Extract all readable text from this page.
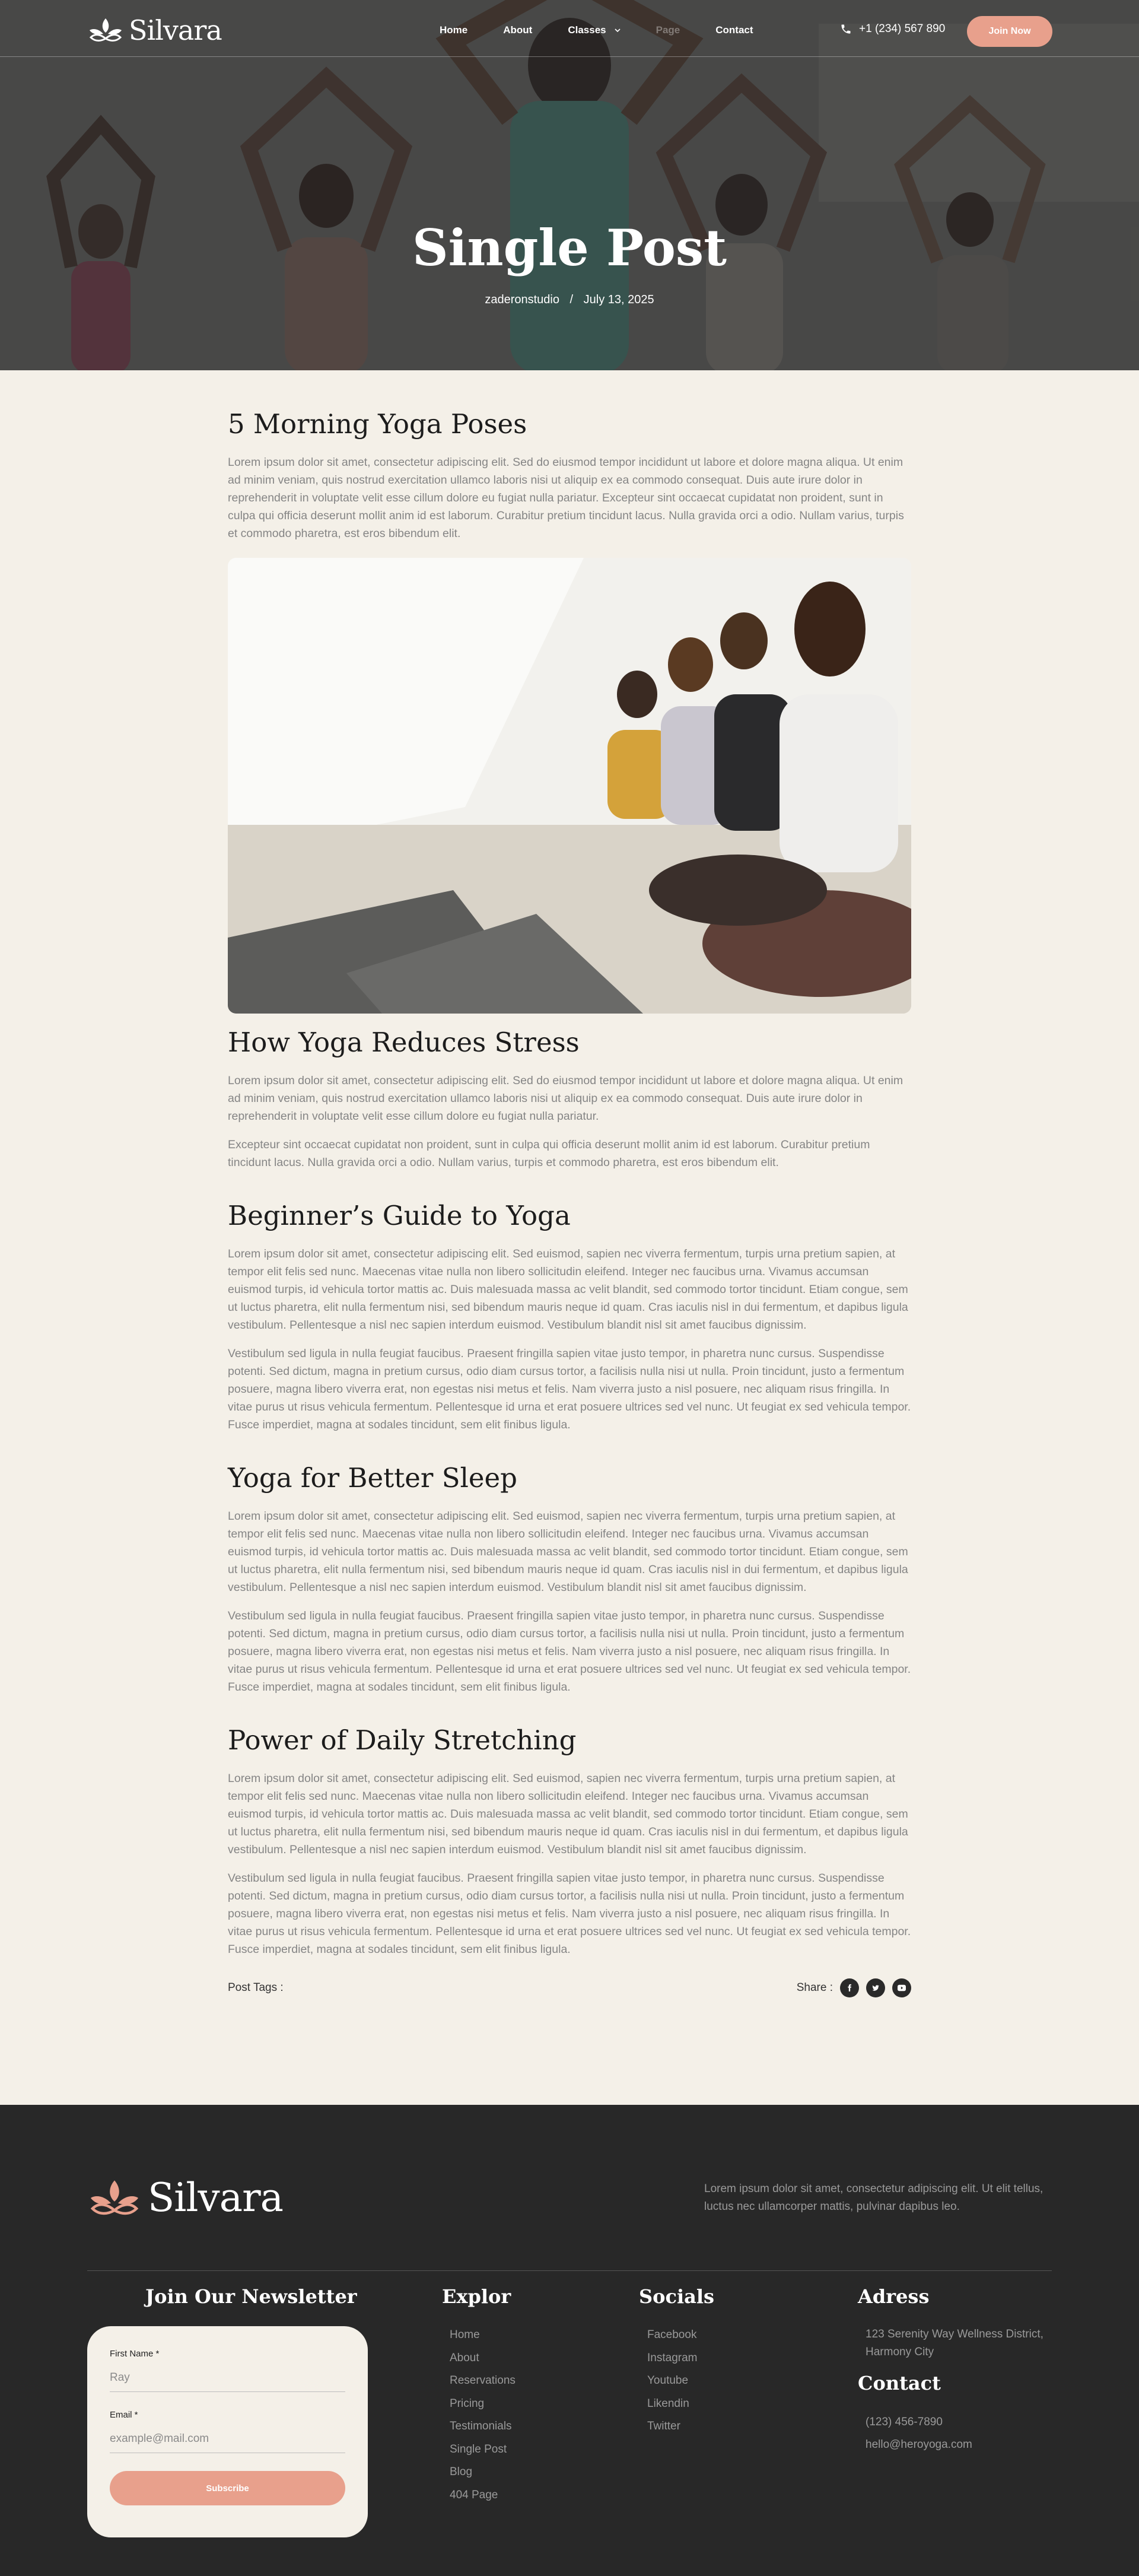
Silvara	Home	About	Classes	Page	Contact	+1 (234) 567 890	Join Now
Single Post
zaderonstudio / July 13, 2025
5 Morning Yoga Poses

Lorem ipsum dolor sit amet, consectetur adipiscing elit. Sed do eiusmod tempor incididunt ut labore et dolore magna aliqua. Ut enim ad minim veniam, quis nostrud exercitation ullamco laboris nisi ut aliquip ex ea commodo consequat. Duis aute irure dolor in reprehenderit in voluptate velit esse cillum dolore eu fugiat nulla pariatur. Excepteur sint occaecat cupidatat non proident, sunt in culpa qui officia deserunt mollit anim id est laborum. Curabitur pretium tincidunt lacus. Nulla gravida orci a odio. Nullam varius, turpis et commodo pharetra, est eros bibendum elit.

How Yoga Reduces Stress

Lorem ipsum dolor sit amet, consectetur adipiscing elit. Sed do eiusmod tempor incididunt ut labore et dolore magna aliqua. Ut enim ad minim veniam, quis nostrud exercitation ullamco laboris nisi ut aliquip ex ea commodo consequat. Duis aute irure dolor in reprehenderit in voluptate velit esse cillum dolore eu fugiat nulla pariatur.

Excepteur sint occaecat cupidatat non proident, sunt in culpa qui officia deserunt mollit anim id est laborum. Curabitur pretium tincidunt lacus. Nulla gravida orci a odio. Nullam varius, turpis et commodo pharetra, est eros bibendum elit.

Beginner’s Guide to Yoga

Lorem ipsum dolor sit amet, consectetur adipiscing elit. Sed euismod, sapien nec viverra fermentum, turpis urna pretium sapien, at tempor elit felis sed nunc. Maecenas vitae nulla non libero sollicitudin eleifend. Integer nec faucibus urna. Vivamus accumsan euismod turpis, id vehicula tortor mattis ac. Duis malesuada massa ac velit blandit, sed commodo tortor tincidunt. Etiam congue, sem ut luctus pharetra, elit nulla fermentum nisi, sed bibendum mauris neque id quam. Cras iaculis nisl in dui fermentum, et dapibus ligula vestibulum. Pellentesque a nisl nec sapien interdum euismod. Vestibulum blandit nisl sit amet faucibus dignissim.

Vestibulum sed ligula in nulla feugiat faucibus. Praesent fringilla sapien vitae justo tempor, in pharetra nunc cursus. Suspendisse potenti. Sed dictum, magna in pretium cursus, odio diam cursus tortor, a facilisis nulla nisi ut nulla. Proin tincidunt, justo a fermentum posuere, magna libero viverra erat, non egestas nisi metus et felis. Nam viverra justo a nisl posuere, nec aliquam risus fringilla. In vitae purus ut risus vehicula fermentum. Pellentesque id urna et erat posuere ultrices sed vel nunc. Ut feugiat ex sed vehicula tempor. Fusce imperdiet, magna at sodales tincidunt, sem elit finibus ligula.

Yoga for Better Sleep

Lorem ipsum dolor sit amet, consectetur adipiscing elit. Sed euismod, sapien nec viverra fermentum, turpis urna pretium sapien, at tempor elit felis sed nunc. Maecenas vitae nulla non libero sollicitudin eleifend. Integer nec faucibus urna. Vivamus accumsan euismod turpis, id vehicula tortor mattis ac. Duis malesuada massa ac velit blandit, sed commodo tortor tincidunt. Etiam congue, sem ut luctus pharetra, elit nulla fermentum nisi, sed bibendum mauris neque id quam. Cras iaculis nisl in dui fermentum, et dapibus ligula vestibulum. Pellentesque a nisl nec sapien interdum euismod. Vestibulum blandit nisl sit amet faucibus dignissim.

Vestibulum sed ligula in nulla feugiat faucibus. Praesent fringilla sapien vitae justo tempor, in pharetra nunc cursus. Suspendisse potenti. Sed dictum, magna in pretium cursus, odio diam cursus tortor, a facilisis nulla nisi ut nulla. Proin tincidunt, justo a fermentum posuere, magna libero viverra erat, non egestas nisi metus et felis. Nam viverra justo a nisl posuere, nec aliquam risus fringilla. In vitae purus ut risus vehicula fermentum. Pellentesque id urna et erat posuere ultrices sed vel nunc. Ut feugiat ex sed vehicula tempor. Fusce imperdiet, magna at sodales tincidunt, sem elit finibus ligula.

Power of Daily Stretching

Lorem ipsum dolor sit amet, consectetur adipiscing elit. Sed euismod, sapien nec viverra fermentum, turpis urna pretium sapien, at tempor elit felis sed nunc. Maecenas vitae nulla non libero sollicitudin eleifend. Integer nec faucibus urna. Vivamus accumsan euismod turpis, id vehicula tortor mattis ac. Duis malesuada massa ac velit blandit, sed commodo tortor tincidunt. Etiam congue, sem ut luctus pharetra, elit nulla fermentum nisi, sed bibendum mauris neque id quam. Cras iaculis nisl in dui fermentum, et dapibus ligula vestibulum. Pellentesque a nisl nec sapien interdum euismod. Vestibulum blandit nisl sit amet faucibus dignissim.

Vestibulum sed ligula in nulla feugiat faucibus. Praesent fringilla sapien vitae justo tempor, in pharetra nunc cursus. Suspendisse potenti. Sed dictum, magna in pretium cursus, odio diam cursus tortor, a facilisis nulla nisi ut nulla. Proin tincidunt, justo a fermentum posuere, magna libero viverra erat, non egestas nisi metus et felis. Nam viverra justo a nisl posuere, nec aliquam risus fringilla. In vitae purus ut risus vehicula fermentum. Pellentesque id urna et erat posuere ultrices sed vel nunc. Ut feugiat ex sed vehicula tempor. Fusce imperdiet, magna at sodales tincidunt, sem elit finibus ligula.

Post Tags :	Share :
Silvara	Lorem ipsum dolor sit amet, consectetur adipiscing elit. Ut elit tellus, luctus nec ullamcorper mattis, pulvinar dapibus leo.

Join Our Newsletter
First Name *
Ray
Email *
example@mail.com Subscribe
Explor
Home
About
Reservations
Pricing
Testimonials
Single Post
Blog
404 Page
Socials
Facebook
Instagram
Youtube
Likendin
Twitter
Adress

123 Serenity Way Wellness District, Harmony City

Contact

(123) 456-7890

hello@heroyoga.com
